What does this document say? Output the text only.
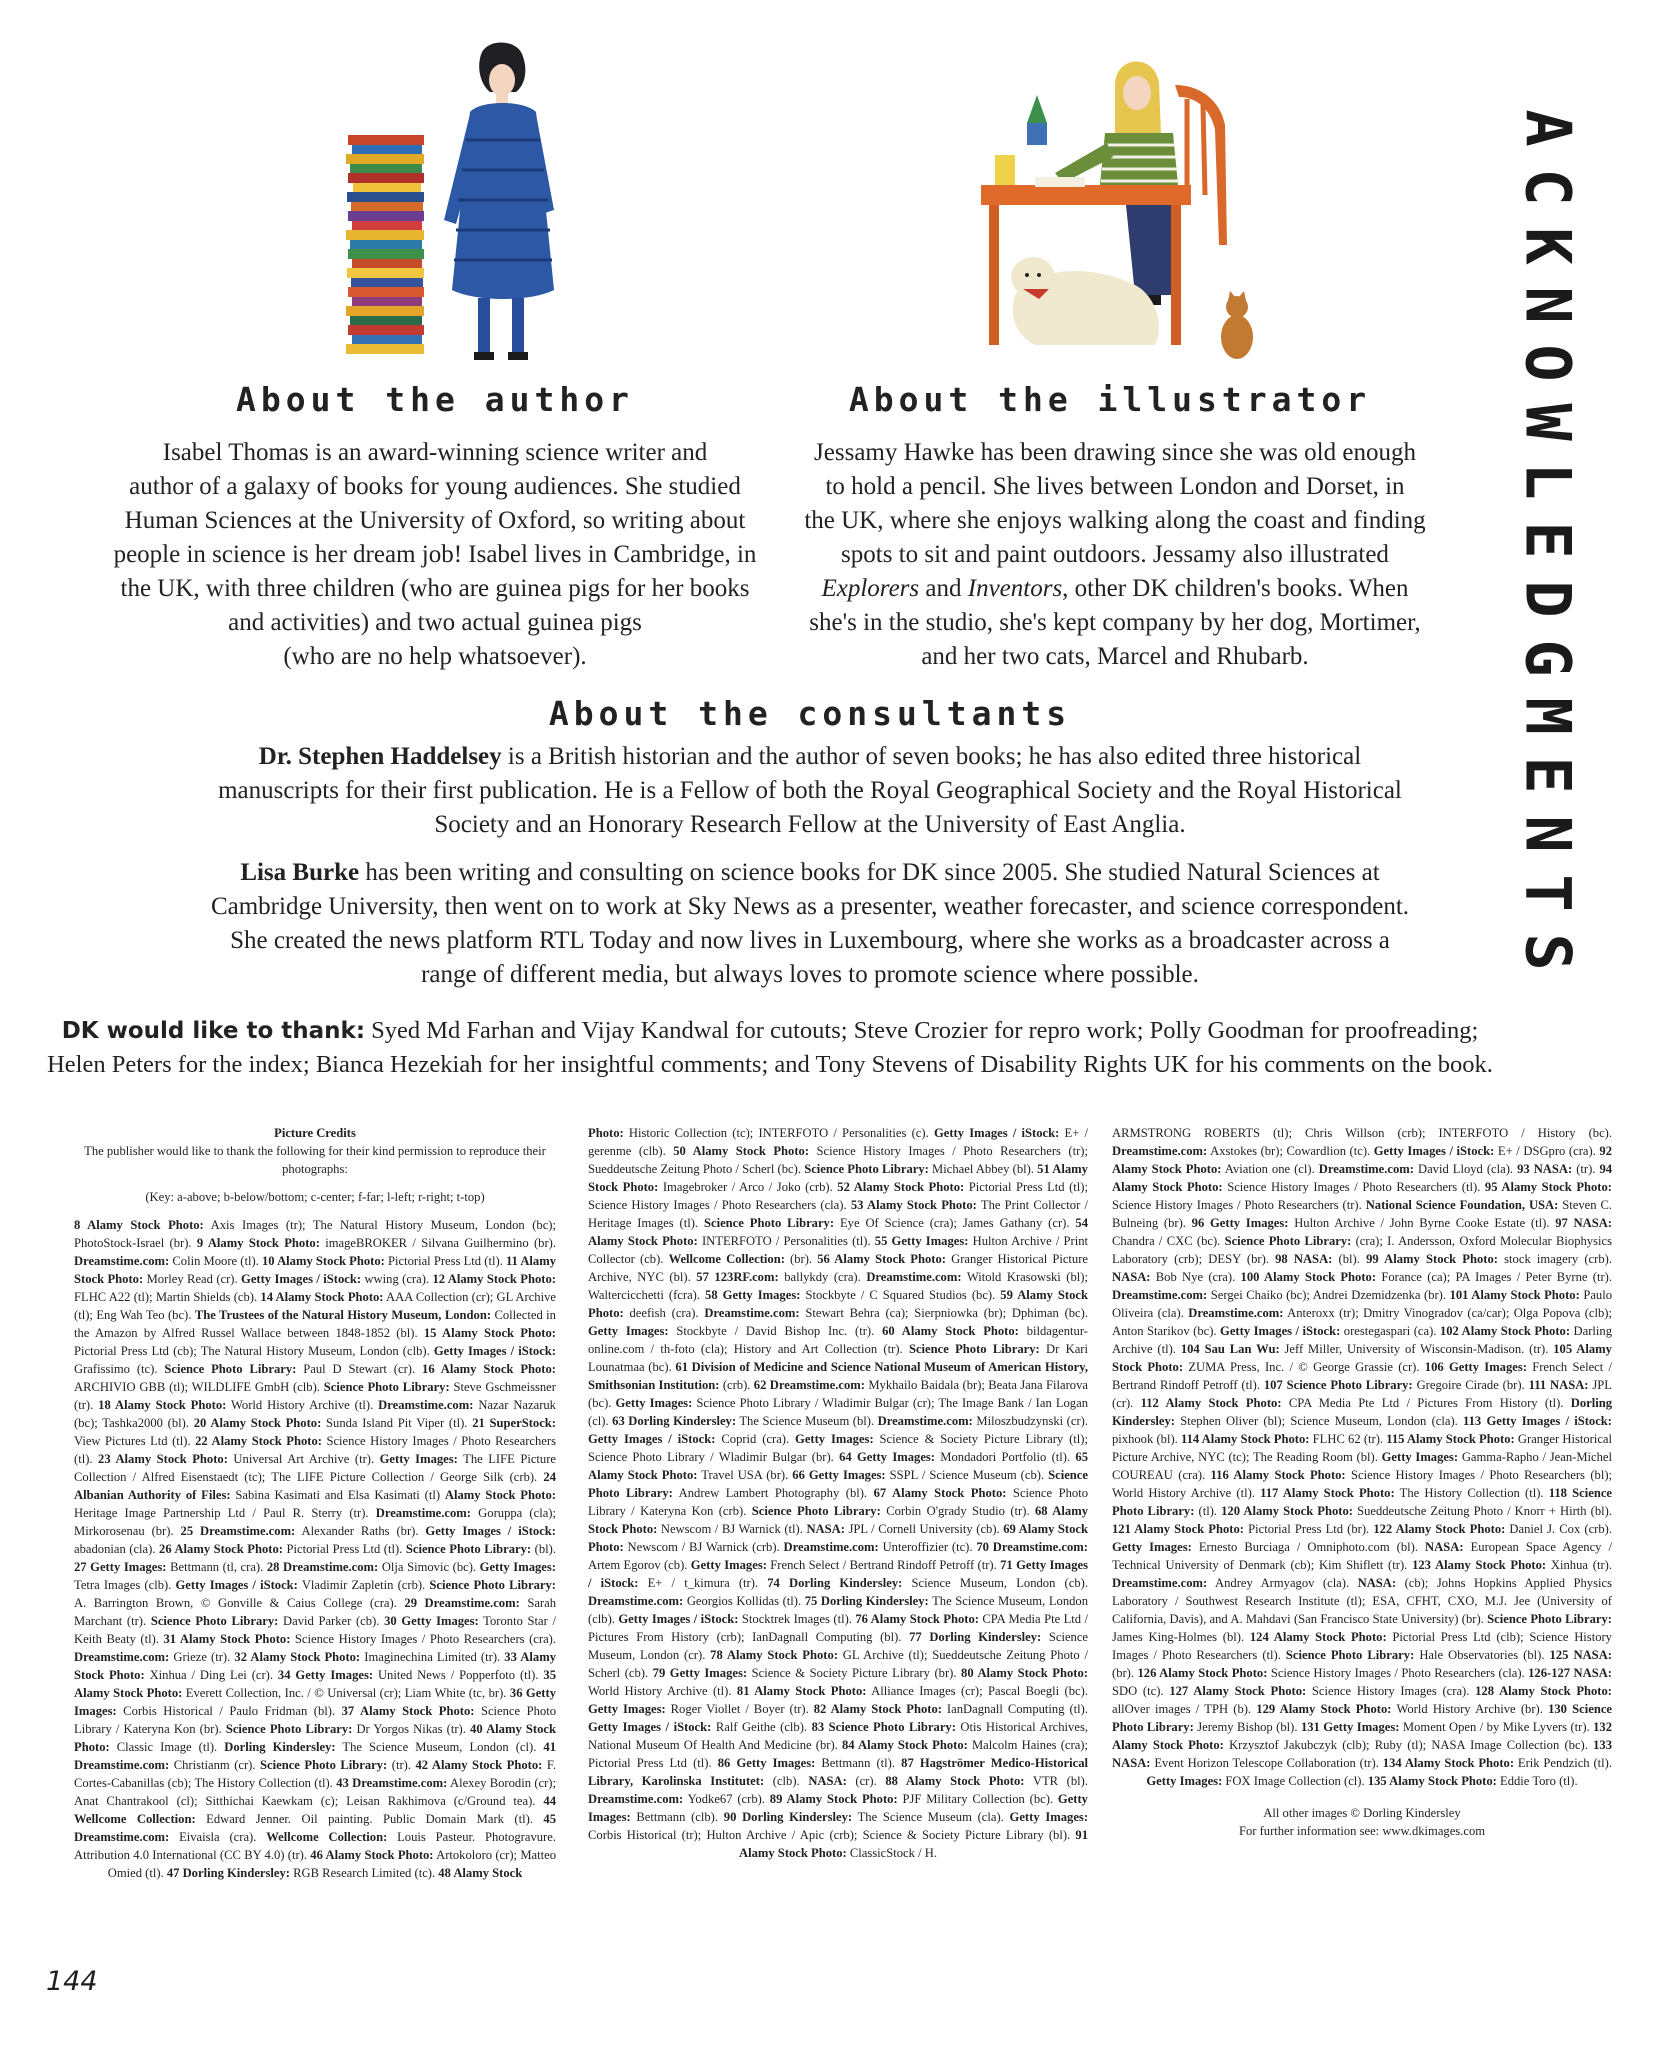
A
C
K
N
O
W
L
E
D
G
M
E
N
T
S
About the author

Isabel Thomas is an award-winning science writer and

author of a galaxy of books for young audiences. She studied

Human Sciences at the University of Oxford, so writing about

people in science is her dream job! Isabel lives in Cambridge, in

the UK, with three children (who are guinea pigs for her books

and activities) and two actual guinea pigs

(who are no help whatsoever).

About the illustrator

Jessamy Hawke has been drawing since she was old enough

to hold a pencil. She lives between London and Dorset, in

the UK, where she enjoys walking along the coast and finding

spots to sit and paint outdoors. Jessamy also illustrated

Explorers and Inventors, other DK children's books. When

she's in the studio, she's kept company by her dog, Mortimer,

and her two cats, Marcel and Rhubarb.

About the consultants

Dr. Stephen Haddelsey is a British historian and the author of seven books; he has also edited three historical

manuscripts for their first publication. He is a Fellow of both the Royal Geographical Society and the Royal Historical

Society and an Honorary Research Fellow at the University of East Anglia.

Lisa Burke has been writing and consulting on science books for DK since 2005. She studied Natural Sciences at

Cambridge University, then went on to work at Sky News as a presenter, weather forecaster, and science correspondent.

She created the news platform RTL Today and now lives in Luxembourg, where she works as a broadcaster across a

range of different media, but always loves to promote science where possible.

DK would like to thank: Syed Md Farhan and Vijay Kandwal for cutouts; Steve Crozier for repro work; Polly Goodman for proofreading;

Helen Peters for the index; Bianca Hezekiah for her insightful comments; and Tony Stevens of Disability Rights UK for his comments on the book.

Picture Credits

The publisher would like to thank the following for their kind permission to reproduce their photographs:

(Key: a-above; b-below/bottom; c-center; f-far; l-left; r-right; t-top)

8 Alamy Stock Photo: Axis Images (tr); The Natural History Museum, London (bc); PhotoStock-Israel (br). 9 Alamy Stock Photo: imageBROKER / Silvana Guilhermino (br). Dreamstime.com: Colin Moore (tl). 10 Alamy Stock Photo: Pictorial Press Ltd (tl). 11 Alamy Stock Photo: Morley Read (cr). Getty Images / iStock: wwing (cra). 12 Alamy Stock Photo: FLHC A22 (tl); Martin Shields (cb). 14 Alamy Stock Photo: AAA Collection (cr); GL Archive (tl); Eng Wah Teo (bc). The Trustees of the Natural History Museum, London: Collected in the Amazon by Alfred Russel Wallace between 1848-1852 (bl). 15 Alamy Stock Photo: Pictorial Press Ltd (cb); The Natural History Museum, London (clb). Getty Images / iStock: Grafissimo (tc). Science Photo Library: Paul D Stewart (cr). 16 Alamy Stock Photo: ARCHIVIO GBB (tl); WILDLIFE GmbH (clb). Science Photo Library: Steve Gschmeissner (tr). 18 Alamy Stock Photo: World History Archive (tl). Dreamstime.com: Nazar Nazaruk (bc); Tashka2000 (bl). 20 Alamy Stock Photo: Sunda Island Pit Viper (tl). 21 SuperStock: View Pictures Ltd (tl). 22 Alamy Stock Photo: Science History Images / Photo Researchers (tl). 23 Alamy Stock Photo: Universal Art Archive (tr). Getty Images: The LIFE Picture Collection / Alfred Eisenstaedt (tc); The LIFE Picture Collection / George Silk (crb). 24 Albanian Authority of Files: Sabina Kasimati and Elsa Kasimati (tl) Alamy Stock Photo: Heritage Image Partnership Ltd / Paul R. Sterry (tr). Dreamstime.com: Goruppa (cla); Mirkorosenau (br). 25 Dreamstime.com: Alexander Raths (br). Getty Images / iStock: abadonian (cla). 26 Alamy Stock Photo: Pictorial Press Ltd (tl). Science Photo Library: (bl). 27 Getty Images: Bettmann (tl, cra). 28 Dreamstime.com: Olja Simovic (bc). Getty Images: Tetra Images (clb). Getty Images / iStock: Vladimir Zapletin (crb). Science Photo Library: A. Barrington Brown, © Gonville & Caius College (cra). 29 Dreamstime.com: Sarah Marchant (tr). Science Photo Library: David Parker (cb). 30 Getty Images: Toronto Star / Keith Beaty (tl). 31 Alamy Stock Photo: Science History Images / Photo Researchers (cra). Dreamstime.com: Grieze (tr). 32 Alamy Stock Photo: Imaginechina Limited (tr). 33 Alamy Stock Photo: Xinhua / Ding Lei (cr). 34 Getty Images: United News / Popperfoto (tl). 35 Alamy Stock Photo: Everett Collection, Inc. / © Universal (cr); Liam White (tc, br). 36 Getty Images: Corbis Historical / Paulo Fridman (bl). 37 Alamy Stock Photo: Science Photo Library / Kateryna Kon (br). Science Photo Library: Dr Yorgos Nikas (tr). 40 Alamy Stock Photo: Classic Image (tl). Dorling Kindersley: The Science Museum, London (cl). 41 Dreamstime.com: Christianm (cr). Science Photo Library: (tr). 42 Alamy Stock Photo: F. Cortes-Cabanillas (cb); The History Collection (tl). 43 Dreamstime.com: Alexey Borodin (cr); Anat Chantrakool (cl); Sitthichai Kaewkam (c); Leisan Rakhimova (c/Ground tea). 44 Wellcome Collection: Edward Jenner. Oil painting. Public Domain Mark (tl). 45 Dreamstime.com: Eivaisla (cra). Wellcome Collection: Louis Pasteur. Photogravure. Attribution 4.0 International (CC BY 4.0) (tr). 46 Alamy Stock Photo: Artokoloro (cr); Matteo Omied (tl). 47 Dorling Kindersley: RGB Research Limited (tc). 48 Alamy Stock

Photo: Historic Collection (tc); INTERFOTO / Personalities (c). Getty Images / iStock: E+ / gerenme (clb). 50 Alamy Stock Photo: Science History Images / Photo Researchers (tr); Sueddeutsche Zeitung Photo / Scherl (bc). Science Photo Library: Michael Abbey (bl). 51 Alamy Stock Photo: Imagebroker / Arco / Joko (crb). 52 Alamy Stock Photo: Pictorial Press Ltd (tl); Science History Images / Photo Researchers (cla). 53 Alamy Stock Photo: The Print Collector / Heritage Images (tl). Science Photo Library: Eye Of Science (cra); James Gathany (cr). 54 Alamy Stock Photo: INTERFOTO / Personalities (tl). 55 Getty Images: Hulton Archive / Print Collector (cb). Wellcome Collection: (br). 56 Alamy Stock Photo: Granger Historical Picture Archive, NYC (bl). 57 123RF.com: ballykdy (cra). Dreamstime.com: Witold Krasowski (bl); Waltercicchetti (fcra). 58 Getty Images: Stockbyte / C Squared Studios (bc). 59 Alamy Stock Photo: deefish (cra). Dreamstime.com: Stewart Behra (ca); Sierpniowka (br); Dphiman (bc). Getty Images: Stockbyte / David Bishop Inc. (tr). 60 Alamy Stock Photo: bildagentur-online.com / th-foto (cla); History and Art Collection (tr). Science Photo Library: Dr Kari Lounatmaa (bc). 61 Division of Medicine and Science National Museum of American History, Smithsonian Institution: (crb). 62 Dreamstime.com: Mykhailo Baidala (br); Beata Jana Filarova (bc). Getty Images: Science Photo Library / Wladimir Bulgar (cr); The Image Bank / Ian Logan (cl). 63 Dorling Kindersley: The Science Museum (bl). Dreamstime.com: Miloszbudzynski (cr). Getty Images / iStock: Coprid (cra). Getty Images: Science & Society Picture Library (tl); Science Photo Library / Wladimir Bulgar (br). 64 Getty Images: Mondadori Portfolio (tl). 65 Alamy Stock Photo: Travel USA (br). 66 Getty Images: SSPL / Science Museum (cb). Science Photo Library: Andrew Lambert Photography (bl). 67 Alamy Stock Photo: Science Photo Library / Kateryna Kon (crb). Science Photo Library: Corbin O'grady Studio (tr). 68 Alamy Stock Photo: Newscom / BJ Warnick (tl). NASA: JPL / Cornell University (cb). 69 Alamy Stock Photo: Newscom / BJ Warnick (crb). Dreamstime.com: Unteroffizier (tc). 70 Dreamstime.com: Artem Egorov (cb). Getty Images: French Select / Bertrand Rindoff Petroff (tr). 71 Getty Images / iStock: E+ / t_kimura (tr). 74 Dorling Kindersley: Science Museum, London (cb). Dreamstime.com: Georgios Kollidas (tl). 75 Dorling Kindersley: The Science Museum, London (clb). Getty Images / iStock: Stocktrek Images (tl). 76 Alamy Stock Photo: CPA Media Pte Ltd / Pictures From History (crb); IanDagnall Computing (bl). 77 Dorling Kindersley: Science Museum, London (cr). 78 Alamy Stock Photo: GL Archive (tl); Sueddeutsche Zeitung Photo / Scherl (cb). 79 Getty Images: Science & Society Picture Library (br). 80 Alamy Stock Photo: World History Archive (tl). 81 Alamy Stock Photo: Alliance Images (cr); Pascal Boegli (bc). Getty Images: Roger Viollet / Boyer (tr). 82 Alamy Stock Photo: IanDagnall Computing (tl). Getty Images / iStock: Ralf Geithe (clb). 83 Science Photo Library: Otis Historical Archives, National Museum Of Health And Medicine (br). 84 Alamy Stock Photo: Malcolm Haines (cra); Pictorial Press Ltd (tl). 86 Getty Images: Bettmann (tl). 87 Hagströmer Medico-Historical Library, Karolinska Institutet: (clb). NASA: (cr). 88 Alamy Stock Photo: VTR (bl). Dreamstime.com: Yodke67 (crb). 89 Alamy Stock Photo: PJF Military Collection (bc). Getty Images: Bettmann (clb). 90 Dorling Kindersley: The Science Museum (cla). Getty Images: Corbis Historical (tr); Hulton Archive / Apic (crb); Science & Society Picture Library (bl). 91 Alamy Stock Photo: ClassicStock / H.

ARMSTRONG ROBERTS (tl); Chris Willson (crb); INTERFOTO / History (bc). Dreamstime.com: Axstokes (br); Cowardlion (tc). Getty Images / iStock: E+ / DSGpro (cra). 92 Alamy Stock Photo: Aviation one (cl). Dreamstime.com: David Lloyd (cla). 93 NASA: (tr). 94 Alamy Stock Photo: Science History Images / Photo Researchers (tl). 95 Alamy Stock Photo: Science History Images / Photo Researchers (tr). National Science Foundation, USA: Steven C. Bulneing (br). 96 Getty Images: Hulton Archive / John Byrne Cooke Estate (tl). 97 NASA: Chandra / CXC (bc). Science Photo Library: (cra); I. Andersson, Oxford Molecular Biophysics Laboratory (crb); DESY (br). 98 NASA: (bl). 99 Alamy Stock Photo: stock imagery (crb). NASA: Bob Nye (cra). 100 Alamy Stock Photo: Forance (ca); PA Images / Peter Byrne (tr). Dreamstime.com: Sergei Chaiko (bc); Andrei Dzemidzenka (br). 101 Alamy Stock Photo: Paulo Oliveira (cla). Dreamstime.com: Anteroxx (tr); Dmitry Vinogradov (ca/car); Olga Popova (clb); Anton Starikov (bc). Getty Images / iStock: orestegaspari (ca). 102 Alamy Stock Photo: Darling Archive (tl). 104 Sau Lan Wu: Jeff Miller, University of Wisconsin-Madison. (tr). 105 Alamy Stock Photo: ZUMA Press, Inc. / © George Grassie (cr). 106 Getty Images: French Select / Bertrand Rindoff Petroff (tl). 107 Science Photo Library: Gregoire Cirade (br). 111 NASA: JPL (cr). 112 Alamy Stock Photo: CPA Media Pte Ltd / Pictures From History (tl). Dorling Kindersley: Stephen Oliver (bl); Science Museum, London (cla). 113 Getty Images / iStock: pixhook (bl). 114 Alamy Stock Photo: FLHC 62 (tr). 115 Alamy Stock Photo: Granger Historical Picture Archive, NYC (tc); The Reading Room (bl). Getty Images: Gamma-Rapho / Jean-Michel COUREAU (cra). 116 Alamy Stock Photo: Science History Images / Photo Researchers (bl); World History Archive (tl). 117 Alamy Stock Photo: The History Collection (tl). 118 Science Photo Library: (tl). 120 Alamy Stock Photo: Sueddeutsche Zeitung Photo / Knorr + Hirth (bl). 121 Alamy Stock Photo: Pictorial Press Ltd (br). 122 Alamy Stock Photo: Daniel J. Cox (crb). Getty Images: Ernesto Burciaga / Omniphoto.com (bl). NASA: European Space Agency / Technical University of Denmark (cb); Kim Shiflett (tr). 123 Alamy Stock Photo: Xinhua (tr). Dreamstime.com: Andrey Armyagov (cla). NASA: (cb); Johns Hopkins Applied Physics Laboratory / Southwest Research Institute (tl); ESA, CFHT, CXO, M.J. Jee (University of California, Davis), and A. Mahdavi (San Francisco State University) (br). Science Photo Library: James King-Holmes (bl). 124 Alamy Stock Photo: Pictorial Press Ltd (clb); Science History Images / Photo Researchers (tl). Science Photo Library: Hale Observatories (bl). 125 NASA: (br). 126 Alamy Stock Photo: Science History Images / Photo Researchers (cla). 126-127 NASA: SDO (tc). 127 Alamy Stock Photo: Science History Images (cra). 128 Alamy Stock Photo: allOver images / TPH (b). 129 Alamy Stock Photo: World History Archive (br). 130 Science Photo Library: Jeremy Bishop (bl). 131 Getty Images: Moment Open / by Mike Lyvers (tr). 132 Alamy Stock Photo: Krzysztof Jakubczyk (clb); Ruby (tl); NASA Image Collection (bc). 133 NASA: Event Horizon Telescope Collaboration (tr). 134 Alamy Stock Photo: Erik Pendzich (tl). Getty Images: FOX Image Collection (cl). 135 Alamy Stock Photo: Eddie Toro (tl).

All other images © Dorling Kindersley

For further information see: www.dkimages.com

144
